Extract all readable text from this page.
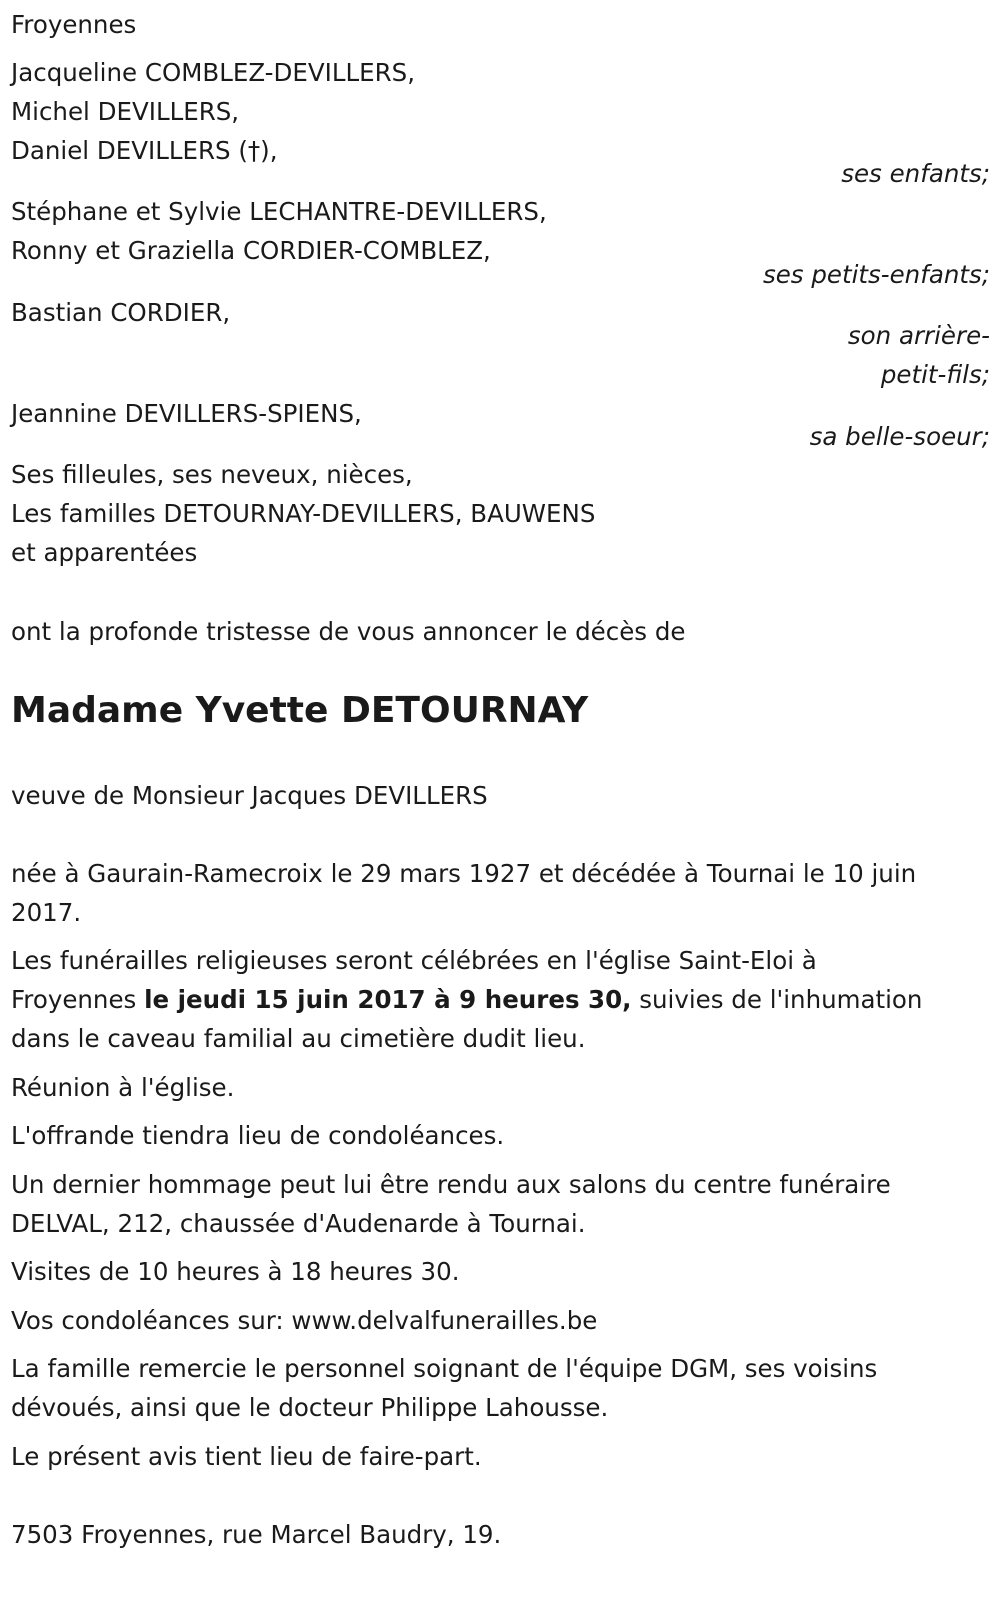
Froyennes
Jacqueline COMBLEZ-DEVILLERS,
Michel DEVILLERS,
Daniel DEVILLERS (†),
ses enfants;
Stéphane et Sylvie LECHANTRE-DEVILLERS,
Ronny et Graziella CORDIER-COMBLEZ,
ses petits-enfants;
Bastian CORDIER,
son arrière-
petit-fils;
Jeannine DEVILLERS-SPIENS,
sa belle-soeur;
Ses filleules, ses neveux, nièces,
Les familles DETOURNAY-DEVILLERS, BAUWENS
et apparentées
ont la profonde tristesse de vous annoncer le décès de
Madame Yvette DETOURNAY
veuve de Monsieur Jacques DEVILLERS
née à Gaurain-Ramecroix le 29 mars 1927 et décédée à Tournai le 10 juin
2017.
Les funérailles religieuses seront célébrées en l'église Saint-Eloi à
Froyennes le jeudi 15 juin 2017 à 9 heures 30, suivies de l'inhumation
dans le caveau familial au cimetière dudit lieu.
Réunion à l'église.
L'offrande tiendra lieu de condoléances.
Un dernier hommage peut lui être rendu aux salons du centre funéraire
DELVAL, 212, chaussée d'Audenarde à Tournai.
Visites de 10 heures à 18 heures 30.
Vos condoléances sur: www.delvalfunerailles.be
La famille remercie le personnel soignant de l'équipe DGM, ses voisins
dévoués, ainsi que le docteur Philippe Lahousse.
Le présent avis tient lieu de faire-part.
7503 Froyennes, rue Marcel Baudry, 19.
